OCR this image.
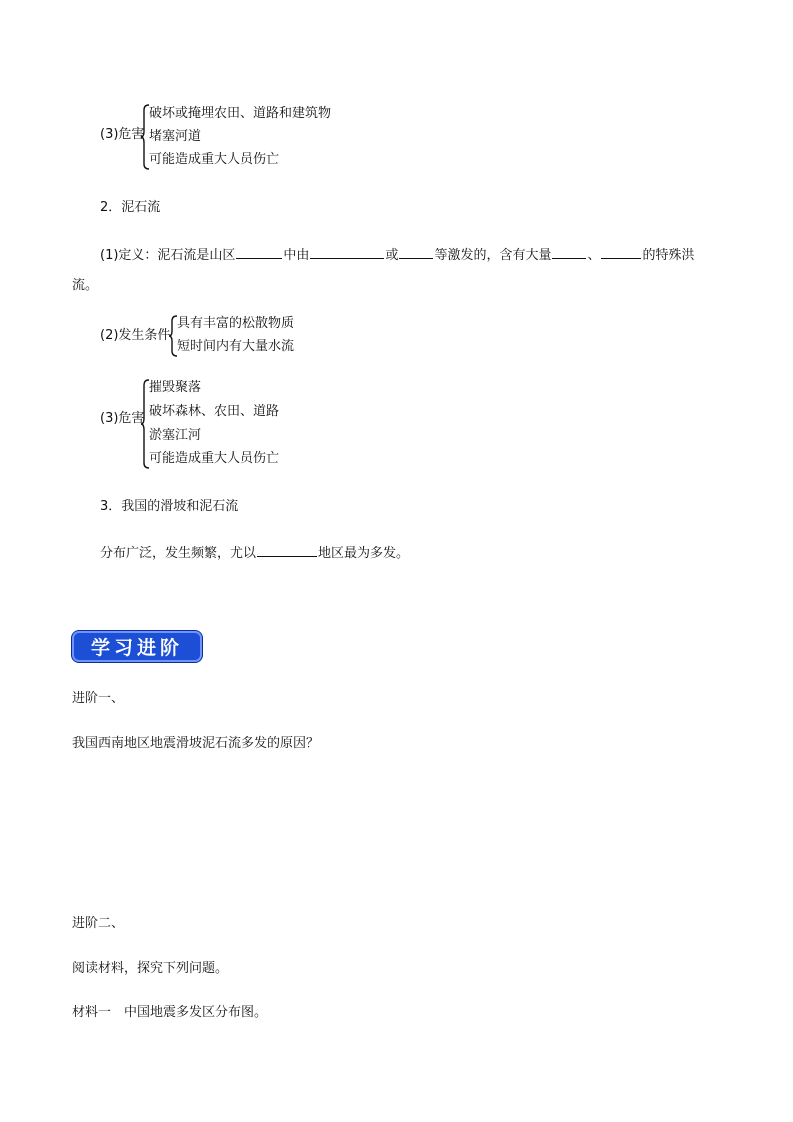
(3)危害
破坏或掩埋农田、道路和建筑物
堵塞河道
可能造成重大人员伤亡
2．泥石流
(1)定义：泥石流是山区	中由	或	等激发的，含有大量	、	的特殊洪
流。
(2)发生条件
具有丰富的松散物质
短时间内有大量水流
(3)危害
摧毁聚落
破坏森林、农田、道路
淤塞江河
可能造成重大人员伤亡
3．我国的滑坡和泥石流
分布广泛，发生频繁，尤以	地区最为多发。
学习进阶
进阶一、
我国西南地区地震滑坡泥石流多发的原因？
进阶二、
阅读材料，探究下列问题。
材料一　中国地震多发区分布图。
